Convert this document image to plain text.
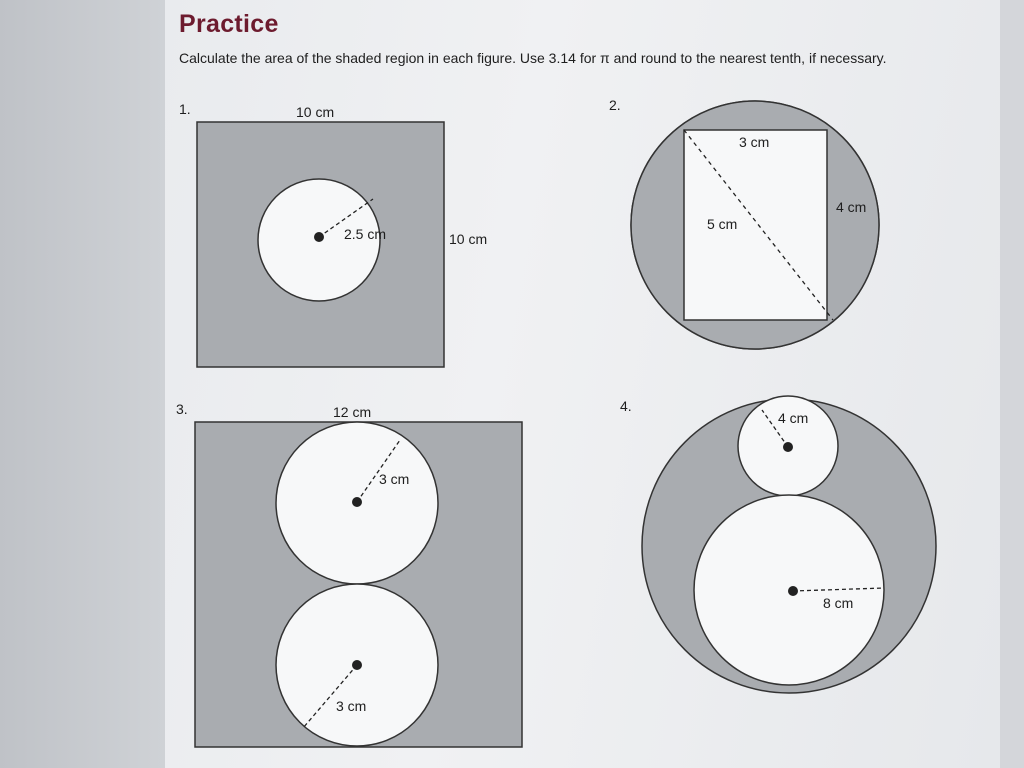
Practice

Calculate the area of the shaded region in each figure. Use 3.14 for π and round to the nearest tenth, if necessary.

1.	2.
3.	4.
10 cm
10 cm
2.5 cm
3 cm
4 cm
5 cm
12 cm
3 cm
3 cm
4 cm
8 cm
